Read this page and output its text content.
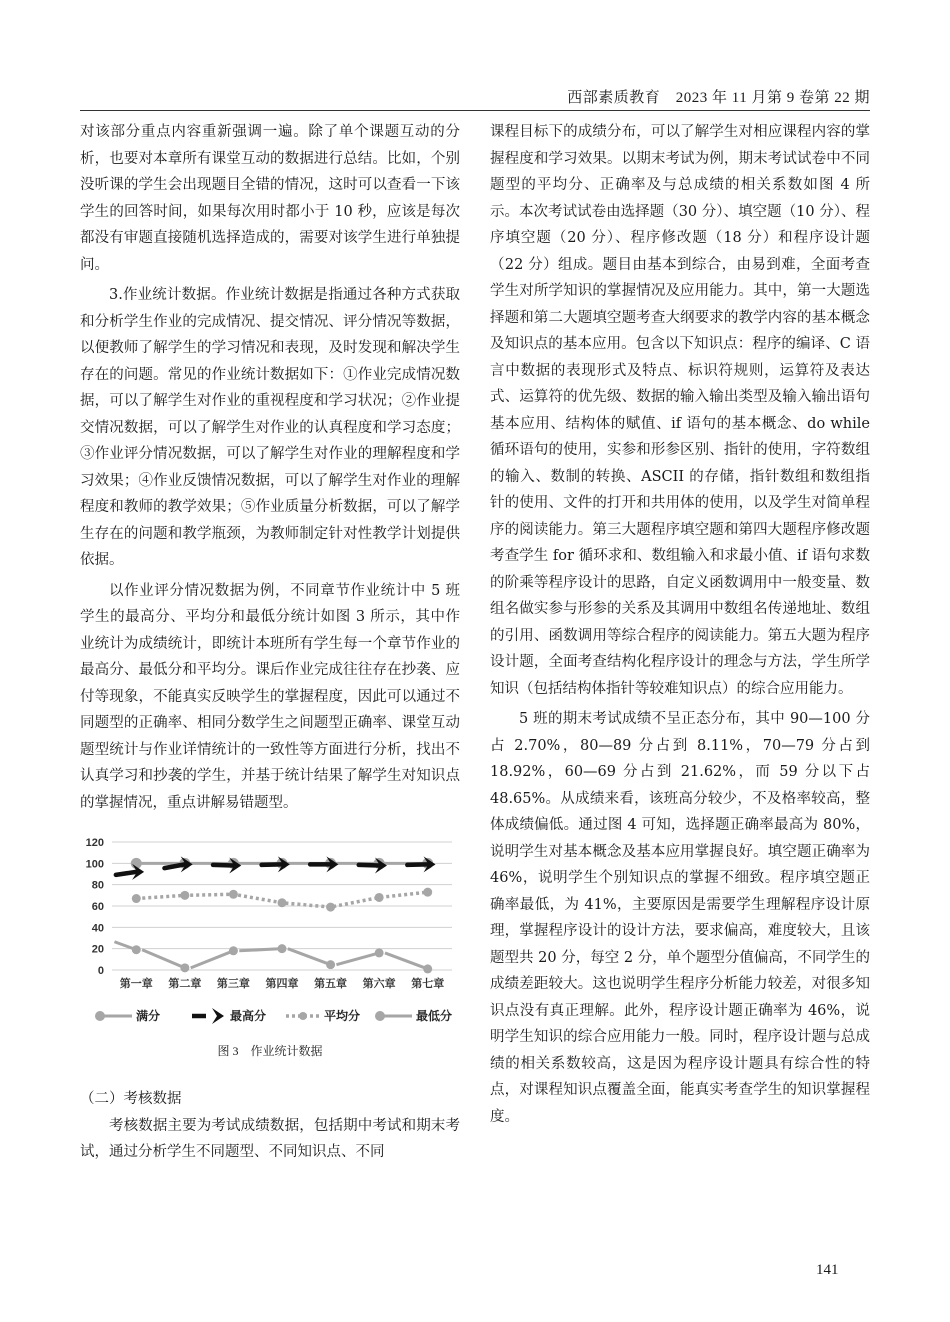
西部素质教育　2023 年 11 月第 9 卷第 22 期

对该部分重点内容重新强调一遍。除了单个课题互动的分析，也要对本章所有课堂互动的数据进行总结。比如，个别没听课的学生会出现题目全错的情况，这时可以查看一下该学生的回答时间，如果每次用时都小于 10 秒，应该是每次都没有审题直接随机选择造成的，需要对该学生进行单独提问。

3.作业统计数据。作业统计数据是指通过各种方式获取和分析学生作业的完成情况、提交情况、评分情况等数据，以便教师了解学生的学习情况和表现，及时发现和解决学生存在的问题。常见的作业统计数据如下：①作业完成情况数据，可以了解学生对作业的重视程度和学习状况；②作业提交情况数据，可以了解学生对作业的认真程度和学习态度；③作业评分情况数据，可以了解学生对作业的理解程度和学习效果；④作业反馈情况数据，可以了解学生对作业的理解程度和教师的教学效果；⑤作业质量分析数据，可以了解学生存在的问题和教学瓶颈，为教师制定针对性教学计划提供依据。

以作业评分情况数据为例，不同章节作业统计中 5 班学生的最高分、平均分和最低分统计如图 3 所示，其中作业统计为成绩统计，即统计本班所有学生每一个章节作业的最高分、最低分和平均分。课后作业完成往往存在抄袭、应付等现象，不能真实反映学生的掌握程度，因此可以通过不同题型的正确率、相同分数学生之间题型正确率、课堂互动题型统计与作业详情统计的一致性等方面进行分析，找出不认真学习和抄袭的学生，并基于统计结果了解学生对知识点的掌握情况，重点讲解易错题型。

0
20
40
60
80
100
120
第一章 第二章 第三章 第四章 第五章 第六章 第七章
满分	最高分	平均分	最低分
图 3　作业统计数据
（二）考核数据

考核数据主要为考试成绩数据，包括期中考试和期末考试，通过分析学生不同题型、不同知识点、不同

课程目标下的成绩分布，可以了解学生对相应课程内容的掌握程度和学习效果。以期末考试为例，期末考试试卷中不同题型的平均分、正确率及与总成绩的相关系数如图 4 所示。本次考试试卷由选择题（30 分）、填空题（10 分）、程序填空题（20 分）、程序修改题（18 分）和程序设计题（22 分）组成。题目由基本到综合，由易到难，全面考查学生对所学知识的掌握情况及应用能力。其中，第一大题选择题和第二大题填空题考查大纲要求的教学内容的基本概念及知识点的基本应用。包含以下知识点：程序的编译、C 语言中数据的表现形式及特点、标识符规则，运算符及表达式、运算符的优先级、数据的输入输出类型及输入输出语句基本应用、结构体的赋值、if 语句的基本概念、do while 循环语句的使用，实参和形参区别、指针的使用，字符数组的输入、数制的转换、ASCII 的存储，指针数组和数组指针的使用、文件的打开和共用体的使用，以及学生对简单程序的阅读能力。第三大题程序填空题和第四大题程序修改题考查学生 for 循环求和、数组输入和求最小值、if 语句求数的阶乘等程序设计的思路，自定义函数调用中一般变量、数组名做实参与形参的关系及其调用中数组名传递地址、数组的引用、函数调用等综合程序的阅读能力。第五大题为程序设计题，全面考查结构化程序设计的理念与方法，学生所学知识（包括结构体指针等较难知识点）的综合应用能力。

5 班的期末考试成绩不呈正态分布，其中 90—100 分占 2.70%，80—89 分占到 8.11%，70—79 分占到 18.92%，60—69 分占到 21.62%，而 59 分以下占 48.65%。从成绩来看，该班高分较少，不及格率较高，整体成绩偏低。通过图 4 可知，选择题正确率最高为 80%，说明学生对基本概念及基本应用掌握良好。填空题正确率为 46%，说明学生个别知识点的掌握不细致。程序填空题正确率最低，为 41%，主要原因是需要学生理解程序设计原理，掌握程序设计的设计方法，要求偏高，难度较大，且该题型共 20 分，每空 2 分，单个题型分值偏高，不同学生的成绩差距较大。这也说明学生程序分析能力较差，对很多知识点没有真正理解。此外，程序设计题正确率为 46%，说明学生知识的综合应用能力一般。同时，程序设计题与总成绩的相关系数较高，这是因为程序设计题具有综合性的特点，对课程知识点覆盖全面，能真实考查学生的知识掌握程度。

141
